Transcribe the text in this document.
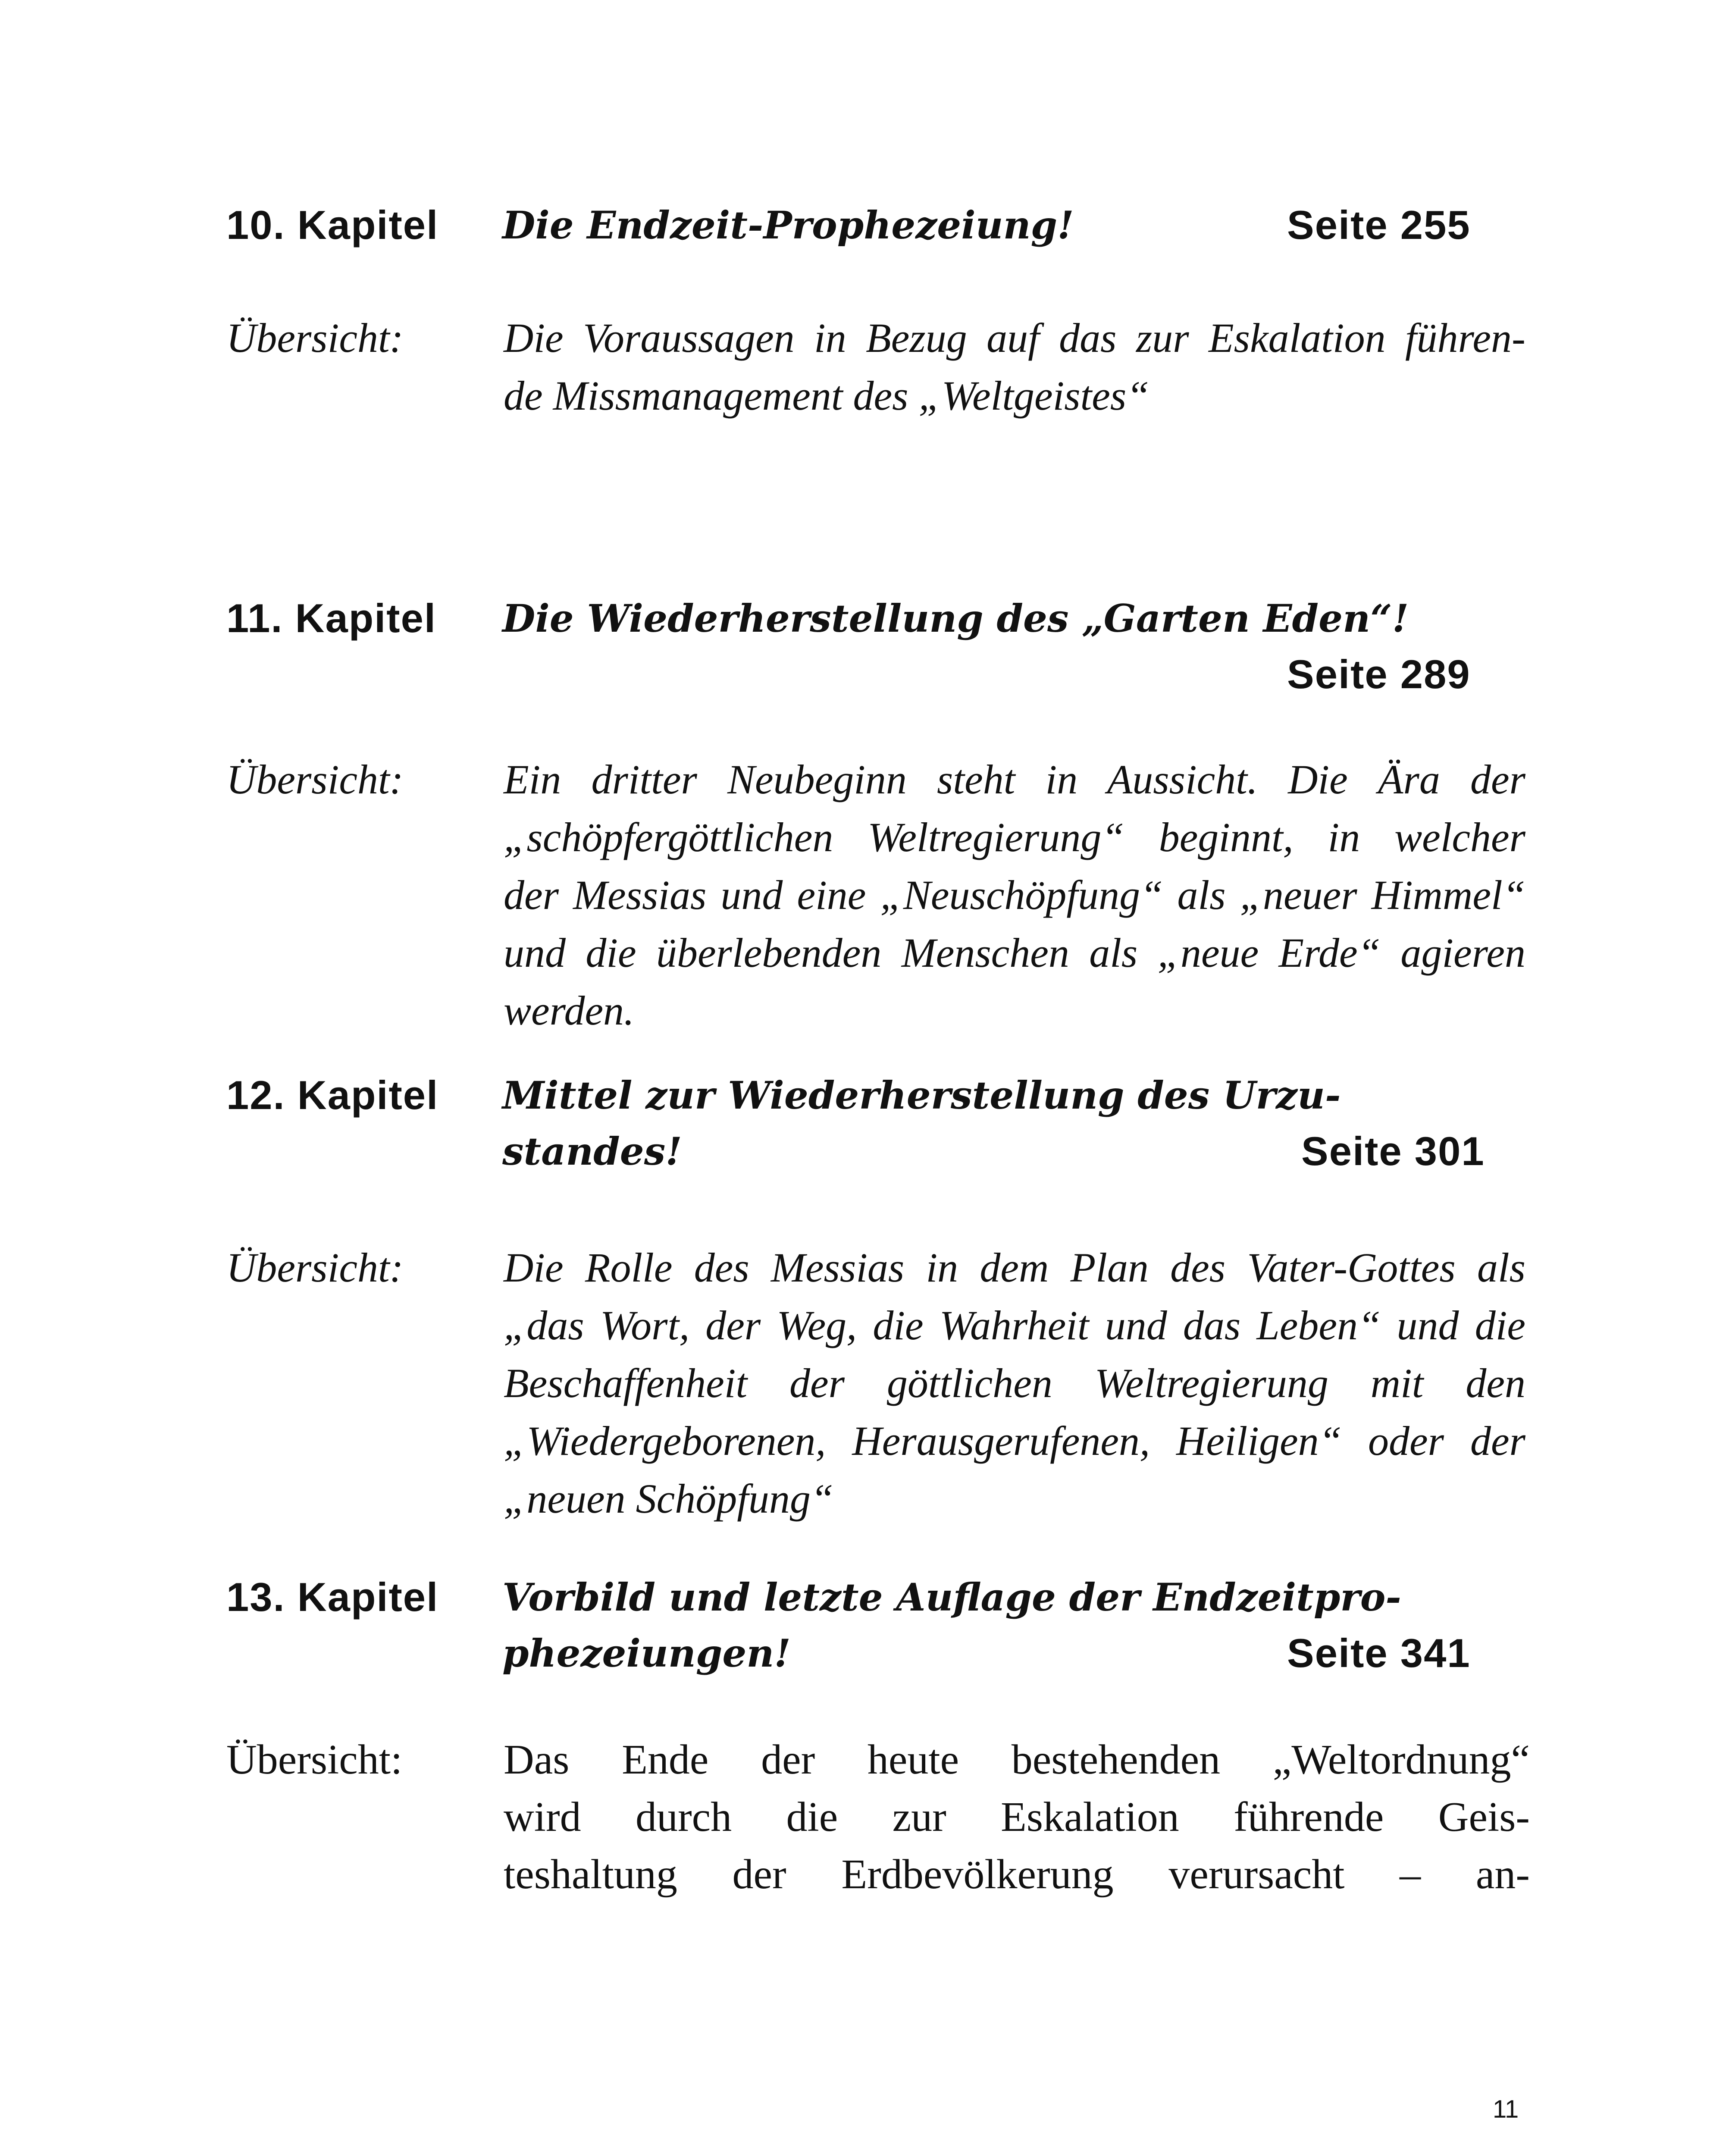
10. Kapitel Die Endzeit-Prophezeiung!	Seite 255
Übersicht: Die Voraussagen in Bezug auf das zur Eskalation führen-
de Missmanagement des „Weltgeistes“
11. Kapitel Die Wiederherstellung des „Garten Eden“!
Seite 289
Übersicht: Ein dritter Neubeginn steht in Aussicht. Die Ära der
„schöpfergöttlichen Weltregierung“ beginnt, in welcher
der Messias und eine „Neuschöpfung“ als „neuer Himmel“
und die überlebenden Menschen als „neue Erde“ agieren
werden.
12. Kapitel Mittel zur Wiederherstellung des Urzu-
standes!	Seite 301
Übersicht: Die Rolle des Messias in dem Plan des Vater-Gottes als
„das Wort, der Weg, die Wahrheit und das Leben“ und die
Beschaffenheit der göttlichen Weltregierung mit den
„Wiedergeborenen, Herausgerufenen, Heiligen“ oder der
„neuen Schöpfung“
13. Kapitel Vorbild und letzte Auflage der Endzeitpro-
phezeiungen!	Seite 341
Übersicht: Das Ende der heute bestehenden „Weltordnung“
wird durch die zur Eskalation führende Geis-
teshaltung der Erdbevölkerung verursacht – an-
11
